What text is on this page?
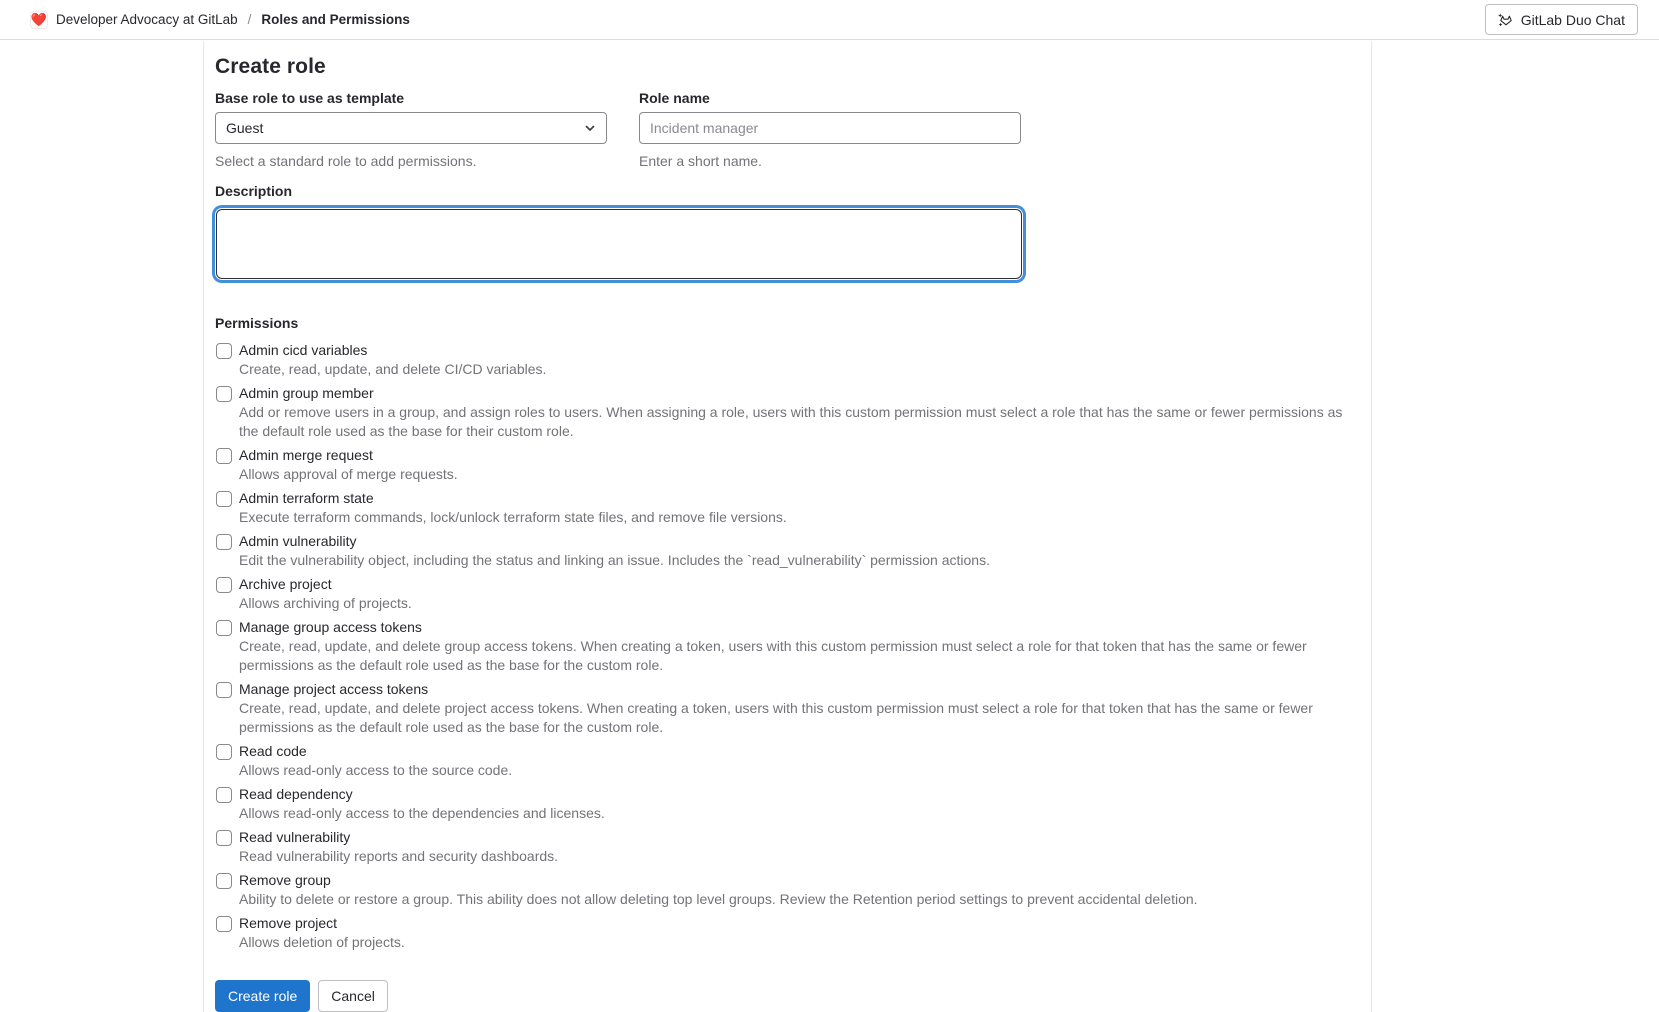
❤️ Developer Advocacy at GitLab / Roles and Permissions	GitLab Duo Chat
Create role
Base role to use as template
Guest
Select a standard role to add permissions.
Role name
Incident manager
Enter a short name.
Description
Permissions
Admin cicd variables
Create, read, update, and delete CI/CD variables.
Admin group member
Add or remove users in a group, and assign roles to users. When assigning a role, users with this custom permission must select a role that has the same or fewer permissions as the default role used as the base for their custom role.
Admin merge request
Allows approval of merge requests.
Admin terraform state
Execute terraform commands, lock/unlock terraform state files, and remove file versions.
Admin vulnerability
Edit the vulnerability object, including the status and linking an issue. Includes the `read_vulnerability` permission actions.
Archive project
Allows archiving of projects.
Manage group access tokens
Create, read, update, and delete group access tokens. When creating a token, users with this custom permission must select a role for that token that has the same or fewer permissions as the default role used as the base for the custom role.
Manage project access tokens
Create, read, update, and delete project access tokens. When creating a token, users with this custom permission must select a role for that token that has the same or fewer permissions as the default role used as the base for the custom role.
Read code
Allows read-only access to the source code.
Read dependency
Allows read-only access to the dependencies and licenses.
Read vulnerability
Read vulnerability reports and security dashboards.
Remove group
Ability to delete or restore a group. This ability does not allow deleting top level groups. Review the Retention period settings to prevent accidental deletion.
Remove project
Allows deletion of projects.
Create role	Cancel
